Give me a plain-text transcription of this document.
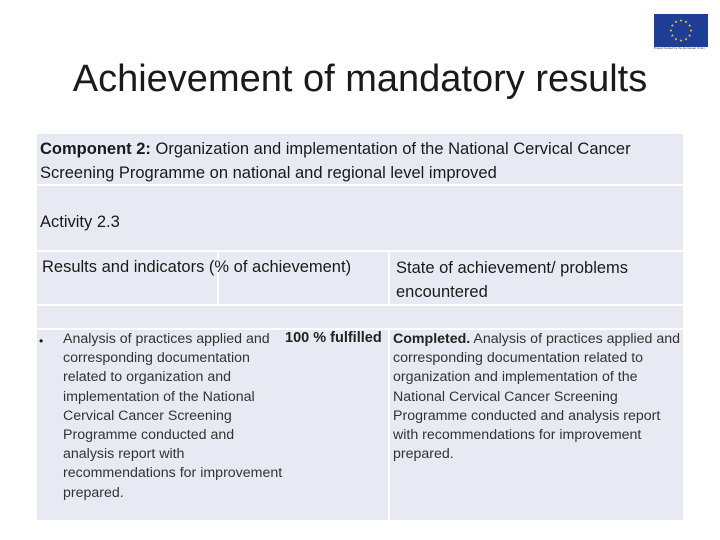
Project funded by the European Union
Achievement of mandatory results
Component 2: Organization and implementation of the National Cervical Cancer Screening Programme on national and regional level improved
Activity 2.3
Results and indicators (% of achievement)	State of achievement/ problems encountered
• Analysis of practices applied and corresponding documentation related to organization and implementation of the National Cervical Cancer Screening Programme conducted and analysis report with recommendations for improvement prepared.
100 % fulfilled Completed. Analysis of practices applied and corresponding documentation related to organization and implementation of the National Cervical Cancer Screening Programme conducted and analysis report with recommendations for improvement prepared.
